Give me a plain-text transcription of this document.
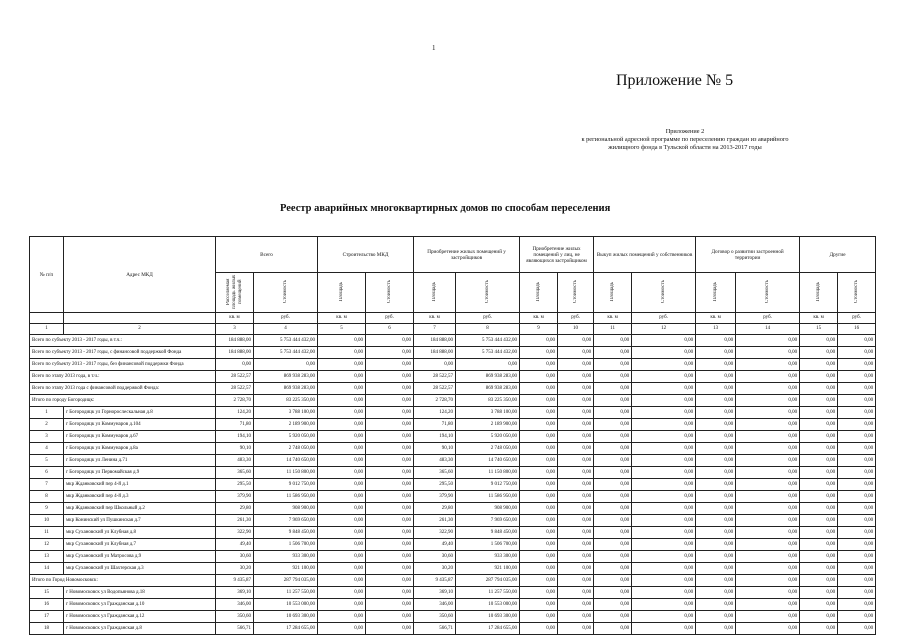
1
Приложение № 5
Приложение 2
к региональной адресной программе по переселению граждан из аварийного
жилищного фонда в Тульской области на 2013-2017 годы
Реестр аварийных многоквартирных домов по способам переселения
№ п/п	Адрес МКД	Всего		Строительство МКД		Приобретение жилых помещений у застройщиков		Приобретение жилых помещений у лиц, не являющихся застройщиком		Выкуп жилых помещений у собственников		Договор о развитии застроенной территории		Другие	
		Расселяемая площадь жилых помещений	Стоимость	Площадь	Стоимость	Площадь	Стоимость	Площадь	Стоимость	Площадь	Стоимость	Площадь	Стоимость	Площадь	Стоимость
		кв. м	руб.	кв. м	руб.	кв. м	руб.	кв. м	руб.	кв. м	руб.	кв. м	руб.	кв. м	руб.
1	2	3	4	5	6	7	8	9	10	11	12	13	14	15	16
Всего по субъекту 2013 - 2017 годы, в т.ч.:		184 888,00	5 753 444 432,00	0,00	0,00	184 888,00	5 753 444 432,00	0,00	0,00	0,00	0,00	0,00	0,00	0,00	0,00
Всего по субъекту 2013 - 2017 годы, с финансовой поддержкой Фонда		184 888,00	5 753 444 432,00	0,00	0,00	184 888,00	5 753 444 432,00	0,00	0,00	0,00	0,00	0,00	0,00	0,00	0,00
Всего по субъекту 2013 - 2017 годы, без финансовой поддержки Фонда		0,00	0,00	0,00	0,00	0,00	0,00	0,00	0,00	0,00	0,00	0,00	0,00	0,00	0,00
Всего по этапу 2013 года, в т.ч.:		28 522,57	869 938 283,00	0,00	0,00	28 522,57	869 938 283,00	0,00	0,00	0,00	0,00	0,00	0,00	0,00	0,00
Всего по этапу 2013 года с финансовой поддержкой Фонда:		28 522,57	869 938 283,00	0,00	0,00	28 522,57	869 938 283,00	0,00	0,00	0,00	0,00	0,00	0,00	0,00	0,00
Итого по городу Богородицк:		2 728,70	83 225 350,00	0,00	0,00	2 728,70	83 225 350,00	0,00	0,00	0,00	0,00	0,00	0,00	0,00	0,00
1	г Богородицк ул Горнорослескальная д.8	124,20	3 788 100,00	0,00	0,00	124,20	3 788 100,00	0,00	0,00	0,00	0,00	0,00	0,00	0,00	0,00
2	г Богородицк ул Коммунаров д.104	71,80	2 189 900,00	0,00	0,00	71,80	2 189 900,00	0,00	0,00	0,00	0,00	0,00	0,00	0,00	0,00
3	г Богородицк ул Коммунаров д.67	194,10	5 920 050,00	0,00	0,00	194,10	5 920 050,00	0,00	0,00	0,00	0,00	0,00	0,00	0,00	0,00
4	г Богородицк ул Коммунаров д.8а	90,10	2 748 050,00	0,00	0,00	90,10	2 748 050,00	0,00	0,00	0,00	0,00	0,00	0,00	0,00	0,00
5	г Богородицк ул Ленина д.71	483,30	14 740 650,00	0,00	0,00	483,30	14 740 650,00	0,00	0,00	0,00	0,00	0,00	0,00	0,00	0,00
6	г Богородицк ул Первомайская д.9	365,60	11 150 800,00	0,00	0,00	365,60	11 150 800,00	0,00	0,00	0,00	0,00	0,00	0,00	0,00	0,00
7	мкр Жданковский пер 4-й д.1	295,50	9 012 750,00	0,00	0,00	295,50	9 012 750,00	0,00	0,00	0,00	0,00	0,00	0,00	0,00	0,00
8	мкр Жданковский пер 4-й д.3	379,90	11 586 950,00	0,00	0,00	379,90	11 586 950,00	0,00	0,00	0,00	0,00	0,00	0,00	0,00	0,00
9	мкр Жданковский пер Школьный д.2	29,80	908 900,00	0,00	0,00	29,80	908 900,00	0,00	0,00	0,00	0,00	0,00	0,00	0,00	0,00
10	мкр Конинский ул Пушкинская д.7	261,30	7 969 650,00	0,00	0,00	261,30	7 969 650,00	0,00	0,00	0,00	0,00	0,00	0,00	0,00	0,00
11	мкр Сухановский ул Клубная д.8	322,90	9 848 450,00	0,00	0,00	322,90	9 848 450,00	0,00	0,00	0,00	0,00	0,00	0,00	0,00	0,00
12	мкр Сухановский ул Клубная д.7	49,40	1 506 700,00	0,00	0,00	49,40	1 506 700,00	0,00	0,00	0,00	0,00	0,00	0,00	0,00	0,00
13	мкр Сухановский ул Матросова д.9	30,60	933 300,00	0,00	0,00	30,60	933 300,00	0,00	0,00	0,00	0,00	0,00	0,00	0,00	0,00
14	мкр Сухановский ул Шахтерская д.3	30,20	921 100,00	0,00	0,00	30,20	921 100,00	0,00	0,00	0,00	0,00	0,00	0,00	0,00	0,00
Итого по Город Новомосковск:		9 435,87	287 794 035,00	0,00	0,00	9 435,87	287 794 035,00	0,00	0,00	0,00	0,00	0,00	0,00	0,00	0,00
15	г Новомосковск ул Водопьянова д.18	369,10	11 257 550,00	0,00	0,00	369,10	11 257 550,00	0,00	0,00	0,00	0,00	0,00	0,00	0,00	0,00
16	г Новомосковск ул Гражданская д.10	346,00	10 553 000,00	0,00	0,00	346,00	10 553 000,00	0,00	0,00	0,00	0,00	0,00	0,00	0,00	0,00
17	г Новомосковск ул Гражданская д.12	350,60	10 693 300,00	0,00	0,00	350,60	10 693 300,00	0,00	0,00	0,00	0,00	0,00	0,00	0,00	0,00
18	г Новомосковск ул Гражданская д.8	566,71	17 284 655,00	0,00	0,00	566,71	17 284 655,00	0,00	0,00	0,00	0,00	0,00	0,00	0,00	0,00
